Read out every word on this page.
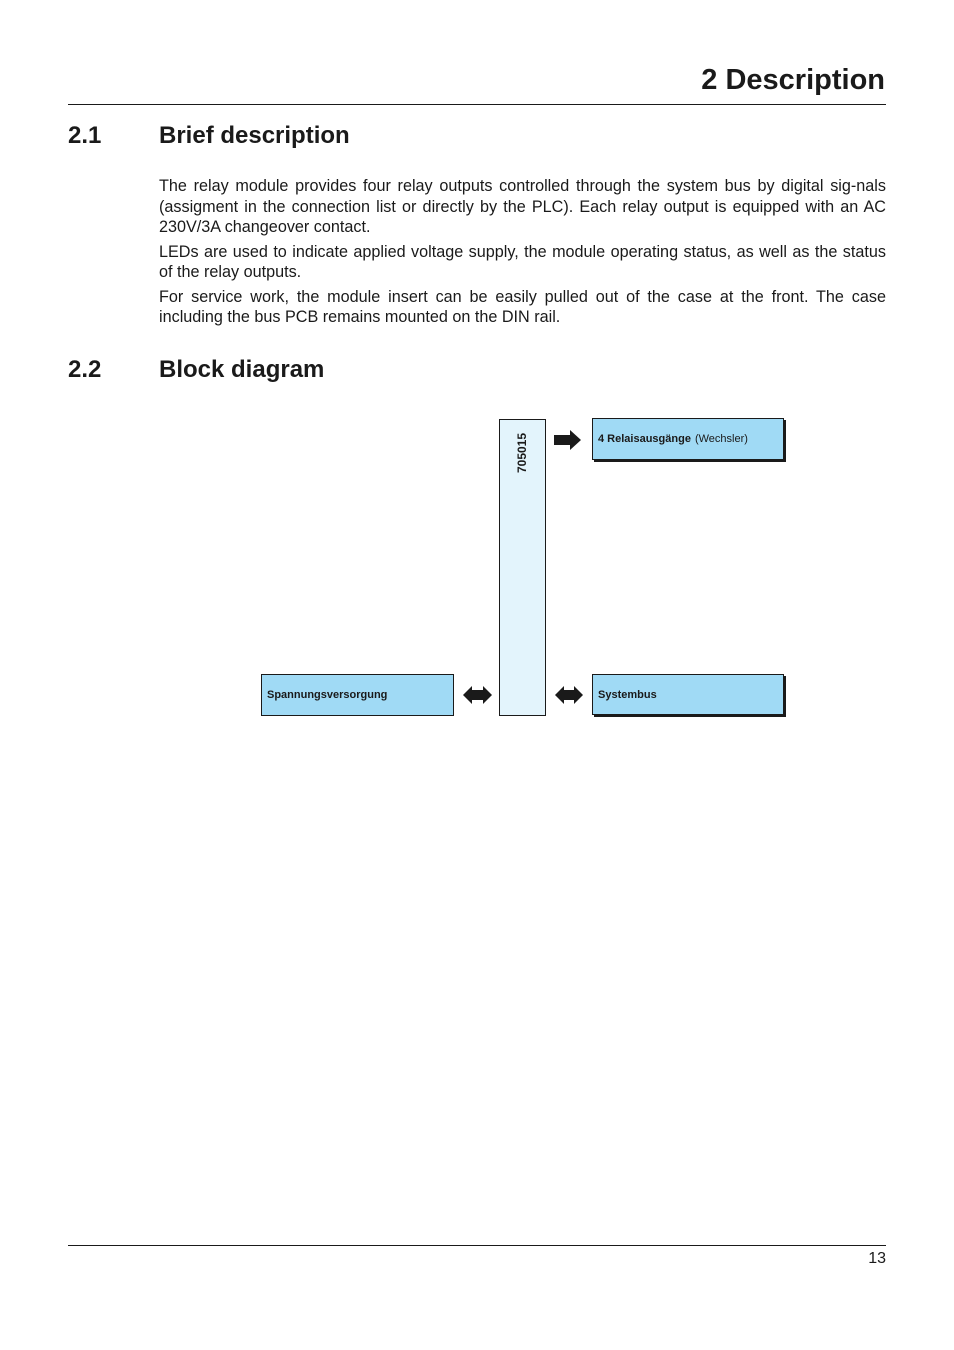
2 Description
2.1 Brief description

The relay module provides four relay outputs controlled through the system bus by digital sig-nals (assigment in the connection list or directly by the PLC). Each relay output is equipped with an AC 230V/3A changeover contact.

LEDs are used to indicate applied voltage supply, the module operating status, as well as the status of the relay outputs.

For service work, the module insert can be easily pulled out of the case at the front. The case including the bus PCB remains mounted on the DIN rail.

2.2 Block diagram
705015	4 Relaisausgänge (Wechsler)
Spannungsversorgung	Systembus
13
